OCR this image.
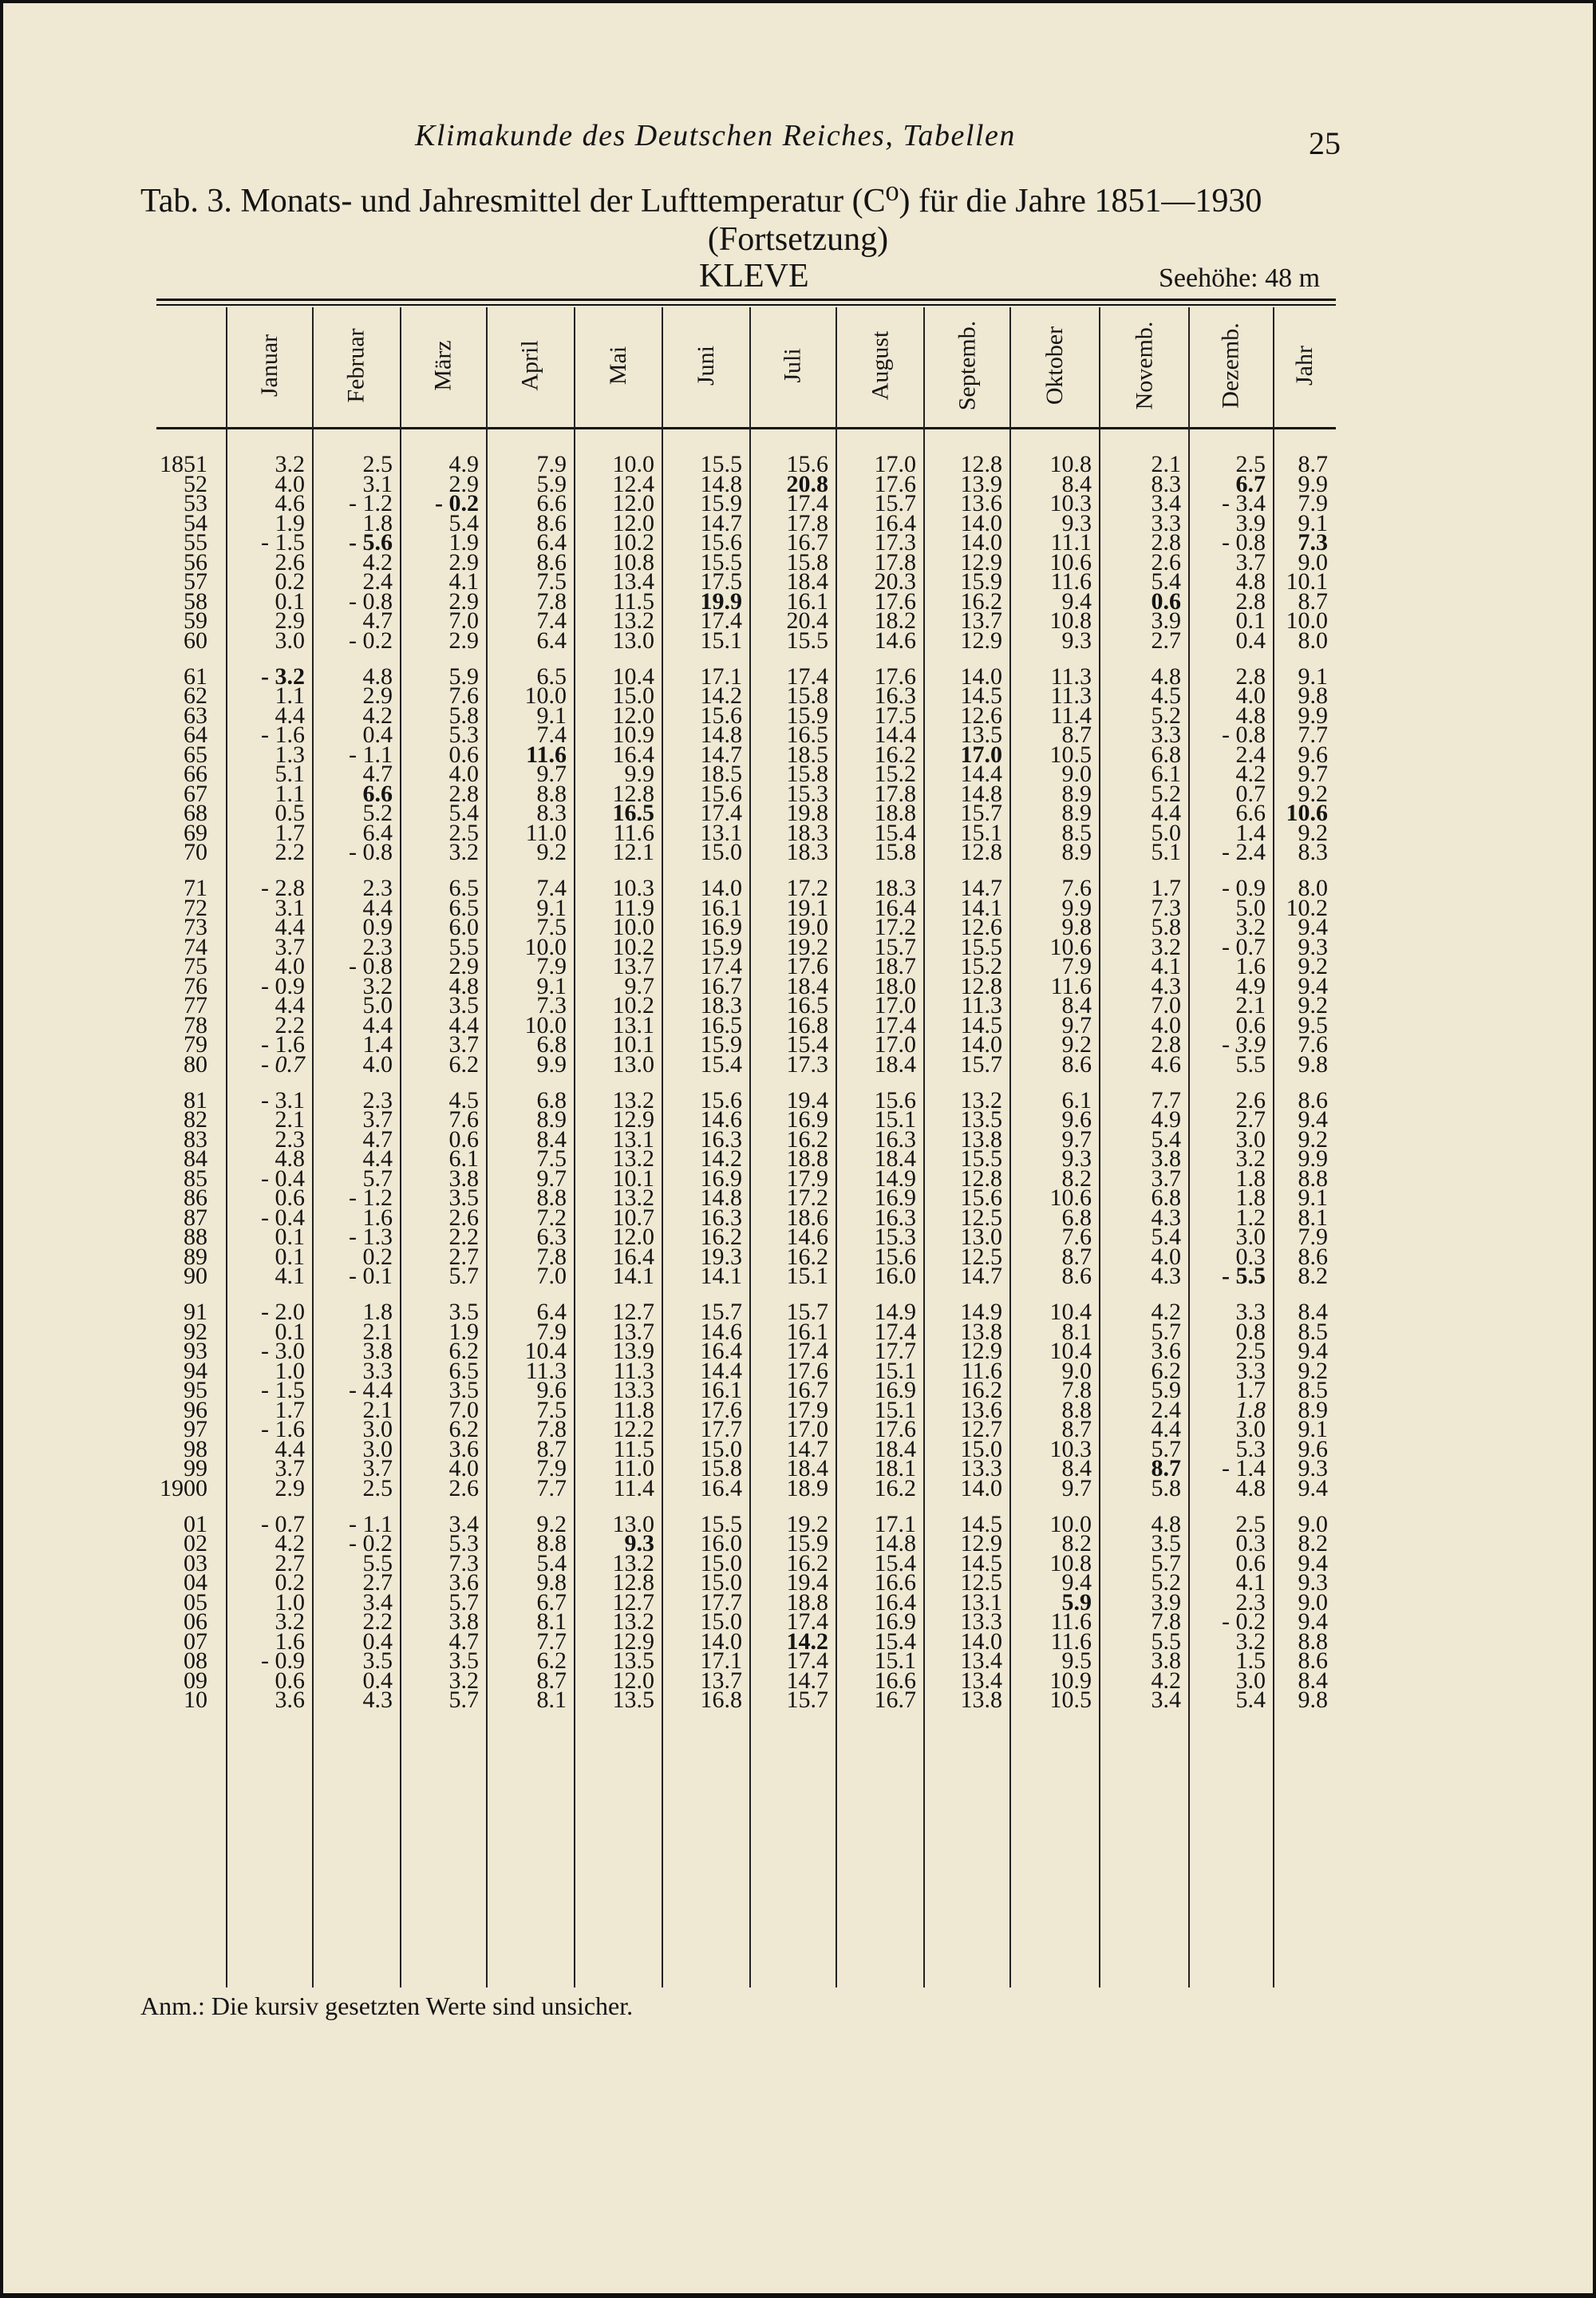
Klimakunde des Deutschen Reiches, Tabellen	25
Tab. 3. Monats- und Jahresmittel der Lufttemperatur (C⁰) für die Jahre 1851—1930
(Fortsetzung)
KLEVE	Seehöhe: 48 m
Januar	Februar	März	April	Mai	Juni	Juli	August	Septemb.	Oktober	Novemb.	Dezemb. Jahr
1851	3.2	2.5	4.9	7.9	10.0	15.5	15.6	17.0	12.8	10.8	2.1	2.5	8.7
52	4.0	3.1	2.9	5.9	12.4	14.8	20.8	17.6	13.9	8.4	8.3	6.7	9.9
53	4.6	- 1.2	- 0.2	6.6	12.0	15.9	17.4	15.7	13.6	10.3	3.4	- 3.4	7.9
54	1.9	1.8	5.4	8.6	12.0	14.7	17.8	16.4	14.0	9.3	3.3	3.9	9.1
55	- 1.5	- 5.6	1.9	6.4	10.2	15.6	16.7	17.3	14.0	11.1	2.8	- 0.8	7.3
56	2.6	4.2	2.9	8.6	10.8	15.5	15.8	17.8	12.9	10.6	2.6	3.7	9.0
57	0.2	2.4	4.1	7.5	13.4	17.5	18.4	20.3	15.9	11.6	5.4	4.8 10.1
58	0.1	- 0.8	2.9	7.8	11.5	19.9	16.1	17.6	16.2	9.4	0.6	2.8	8.7
59	2.9	4.7	7.0	7.4	13.2	17.4	20.4	18.2	13.7	10.8	3.9	0.1 10.0
60	3.0	- 0.2	2.9	6.4	13.0	15.1	15.5	14.6	12.9	9.3	2.7	0.4	8.0
61	- 3.2	4.8	5.9	6.5	10.4	17.1	17.4	17.6	14.0	11.3	4.8	2.8	9.1
62	1.1	2.9	7.6	10.0	15.0	14.2	15.8	16.3	14.5	11.3	4.5	4.0	9.8
63	4.4	4.2	5.8	9.1	12.0	15.6	15.9	17.5	12.6	11.4	5.2	4.8	9.9
64	- 1.6	0.4	5.3	7.4	10.9	14.8	16.5	14.4	13.5	8.7	3.3	- 0.8	7.7
65	1.3	- 1.1	0.6	11.6	16.4	14.7	18.5	16.2	17.0	10.5	6.8	2.4	9.6
66	5.1	4.7	4.0	9.7	9.9	18.5	15.8	15.2	14.4	9.0	6.1	4.2	9.7
67	1.1	6.6	2.8	8.8	12.8	15.6	15.3	17.8	14.8	8.9	5.2	0.7	9.2
68	0.5	5.2	5.4	8.3	16.5	17.4	19.8	18.8	15.7	8.9	4.4	6.6 10.6
69	1.7	6.4	2.5	11.0	11.6	13.1	18.3	15.4	15.1	8.5	5.0	1.4	9.2
70	2.2	- 0.8	3.2	9.2	12.1	15.0	18.3	15.8	12.8	8.9	5.1	- 2.4	8.3
71	- 2.8	2.3	6.5	7.4	10.3	14.0	17.2	18.3	14.7	7.6	1.7	- 0.9	8.0
72	3.1	4.4	6.5	9.1	11.9	16.1	19.1	16.4	14.1	9.9	7.3	5.0 10.2
73	4.4	0.9	6.0	7.5	10.0	16.9	19.0	17.2	12.6	9.8	5.8	3.2	9.4
74	3.7	2.3	5.5	10.0	10.2	15.9	19.2	15.7	15.5	10.6	3.2	- 0.7	9.3
75	4.0	- 0.8	2.9	7.9	13.7	17.4	17.6	18.7	15.2	7.9	4.1	1.6	9.2
76	- 0.9	3.2	4.8	9.1	9.7	16.7	18.4	18.0	12.8	11.6	4.3	4.9	9.4
77	4.4	5.0	3.5	7.3	10.2	18.3	16.5	17.0	11.3	8.4	7.0	2.1	9.2
78	2.2	4.4	4.4	10.0	13.1	16.5	16.8	17.4	14.5	9.7	4.0	0.6	9.5
79	- 1.6	1.4	3.7	6.8	10.1	15.9	15.4	17.0	14.0	9.2	2.8	- 3.9	7.6
80	- 0.7	4.0	6.2	9.9	13.0	15.4	17.3	18.4	15.7	8.6	4.6	5.5	9.8
81	- 3.1	2.3	4.5	6.8	13.2	15.6	19.4	15.6	13.2	6.1	7.7	2.6	8.6
82	2.1	3.7	7.6	8.9	12.9	14.6	16.9	15.1	13.5	9.6	4.9	2.7	9.4
83	2.3	4.7	0.6	8.4	13.1	16.3	16.2	16.3	13.8	9.7	5.4	3.0	9.2
84	4.8	4.4	6.1	7.5	13.2	14.2	18.8	18.4	15.5	9.3	3.8	3.2	9.9
85	- 0.4	5.7	3.8	9.7	10.1	16.9	17.9	14.9	12.8	8.2	3.7	1.8	8.8
86	0.6	- 1.2	3.5	8.8	13.2	14.8	17.2	16.9	15.6	10.6	6.8	1.8	9.1
87	- 0.4	1.6	2.6	7.2	10.7	16.3	18.6	16.3	12.5	6.8	4.3	1.2	8.1
88	0.1	- 1.3	2.2	6.3	12.0	16.2	14.6	15.3	13.0	7.6	5.4	3.0	7.9
89	0.1	0.2	2.7	7.8	16.4	19.3	16.2	15.6	12.5	8.7	4.0	0.3	8.6
90	4.1	- 0.1	5.7	7.0	14.1	14.1	15.1	16.0	14.7	8.6	4.3	- 5.5	8.2
91	- 2.0	1.8	3.5	6.4	12.7	15.7	15.7	14.9	14.9	10.4	4.2	3.3	8.4
92	0.1	2.1	1.9	7.9	13.7	14.6	16.1	17.4	13.8	8.1	5.7	0.8	8.5
93	- 3.0	3.8	6.2	10.4	13.9	16.4	17.4	17.7	12.9	10.4	3.6	2.5	9.4
94	1.0	3.3	6.5	11.3	11.3	14.4	17.6	15.1	11.6	9.0	6.2	3.3	9.2
95	- 1.5	- 4.4	3.5	9.6	13.3	16.1	16.7	16.9	16.2	7.8	5.9	1.7	8.5
96	1.7	2.1	7.0	7.5	11.8	17.6	17.9	15.1	13.6	8.8	2.4	1.8	8.9
97	- 1.6	3.0	6.2	7.8	12.2	17.7	17.0	17.6	12.7	8.7	4.4	3.0	9.1
98	4.4	3.0	3.6	8.7	11.5	15.0	14.7	18.4	15.0	10.3	5.7	5.3	9.6
99	3.7	3.7	4.0	7.9	11.0	15.8	18.4	18.1	13.3	8.4	8.7	- 1.4	9.3
1900	2.9	2.5	2.6	7.7	11.4	16.4	18.9	16.2	14.0	9.7	5.8	4.8	9.4
01	- 0.7	- 1.1	3.4	9.2	13.0	15.5	19.2	17.1	14.5	10.0	4.8	2.5	9.0
02	4.2	- 0.2	5.3	8.8	9.3	16.0	15.9	14.8	12.9	8.2	3.5	0.3	8.2
03	2.7	5.5	7.3	5.4	13.2	15.0	16.2	15.4	14.5	10.8	5.7	0.6	9.4
04	0.2	2.7	3.6	9.8	12.8	15.0	19.4	16.6	12.5	9.4	5.2	4.1	9.3
05	1.0	3.4	5.7	6.7	12.7	17.7	18.8	16.4	13.1	5.9	3.9	2.3	9.0
06	3.2	2.2	3.8	8.1	13.2	15.0	17.4	16.9	13.3	11.6	7.8	- 0.2	9.4
07	1.6	0.4	4.7	7.7	12.9	14.0	14.2	15.4	14.0	11.6	5.5	3.2	8.8
08	- 0.9	3.5	3.5	6.2	13.5	17.1	17.4	15.1	13.4	9.5	3.8	1.5	8.6
09	0.6	0.4	3.2	8.7	12.0	13.7	14.7	16.6	13.4	10.9	4.2	3.0	8.4
10	3.6	4.3	5.7	8.1	13.5	16.8	15.7	16.7	13.8	10.5	3.4	5.4	9.8
Anm.: Die kursiv gesetzten Werte sind unsicher.
